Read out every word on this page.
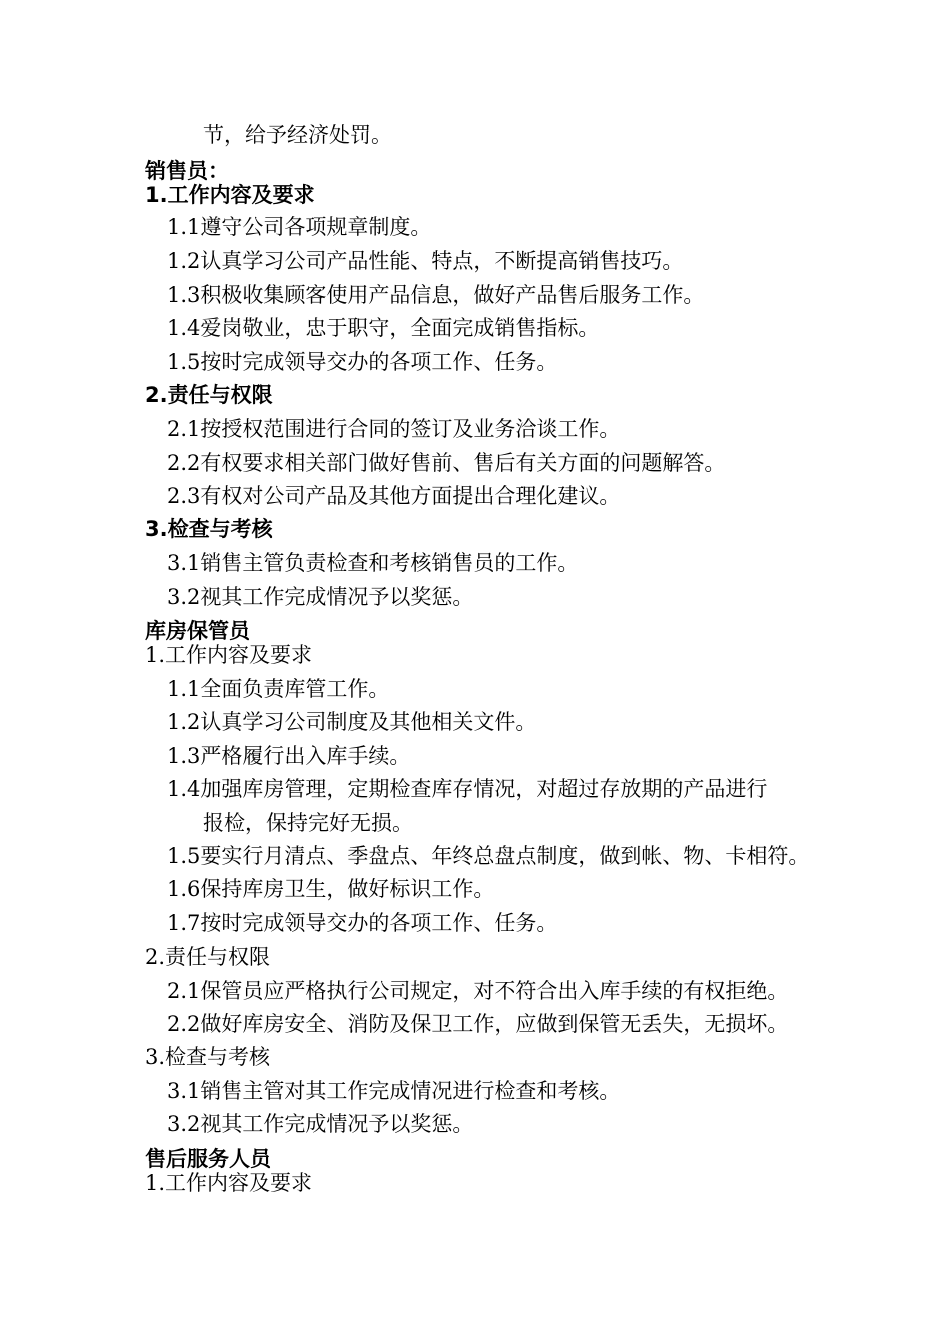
节，给予经济处罚。
销售员：
1.工作内容及要求
1.1遵守公司各项规章制度。
1.2认真学习公司产品性能、特点，不断提高销售技巧。
1.3积极收集顾客使用产品信息，做好产品售后服务工作。
1.4爱岗敬业，忠于职守，全面完成销售指标。
1.5按时完成领导交办的各项工作、任务。
2.责任与权限
2.1按授权范围进行合同的签订及业务洽谈工作。
2.2有权要求相关部门做好售前、售后有关方面的问题解答。
2.3有权对公司产品及其他方面提出合理化建议。
3.检查与考核
3.1销售主管负责检查和考核销售员的工作。
3.2视其工作完成情况予以奖惩。
库房保管员
1.工作内容及要求
1.1全面负责库管工作。
1.2认真学习公司制度及其他相关文件。
1.3严格履行出入库手续。
1.4加强库房管理，定期检查库存情况，对超过存放期的产品进行
报检，保持完好无损。
1.5要实行月清点、季盘点、年终总盘点制度，做到帐、物、卡相符。
1.6保持库房卫生，做好标识工作。
1.7按时完成领导交办的各项工作、任务。
2.责任与权限
2.1保管员应严格执行公司规定，对不符合出入库手续的有权拒绝。
2.2做好库房安全、消防及保卫工作，应做到保管无丢失，无损坏。
3.检查与考核
3.1销售主管对其工作完成情况进行检查和考核。
3.2视其工作完成情况予以奖惩。
售后服务人员
1.工作内容及要求
